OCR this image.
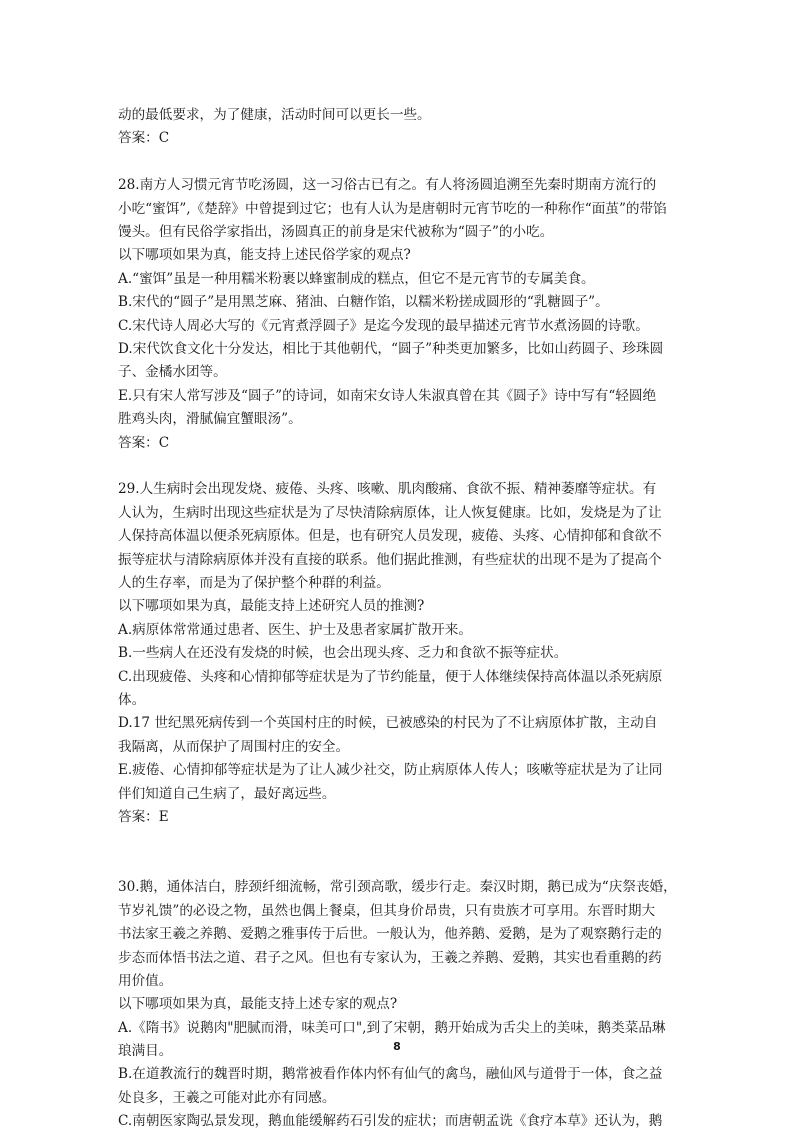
动的最低要求，为了健康，活动时间可以更长一些。
答案：C
28.南方人习惯元宵节吃汤圆，这一习俗古已有之。有人将汤圆追溯至先秦时期南方流行的
小吃“蜜饵”,《楚辞》中曾提到过它；也有人认为是唐朝时元宵节吃的一种称作“面茧”的带馅
馒头。但有民俗学家指出，汤圆真正的前身是宋代被称为“圆子”的小吃。
以下哪项如果为真，能支持上述民俗学家的观点?
A.“蜜饵”虽是一种用糯米粉裹以蜂蜜制成的糕点，但它不是元宵节的专属美食。
B.宋代的“圆子”是用黑芝麻、猪油、白糖作馅，以糯米粉搓成圆形的“乳糖圆子”。
C.宋代诗人周必大写的《元宵煮浮圆子》是迄今发现的最早描述元宵节水煮汤圆的诗歌。
D.宋代饮食文化十分发达，相比于其他朝代，“圆子”种类更加繁多，比如山药圆子、珍珠圆
子、金橘水团等。
E.只有宋人常写涉及“圆子”的诗词，如南宋女诗人朱淑真曾在其《圆子》诗中写有“轻圆绝
胜鸡头肉，滑腻偏宜蟹眼汤”。
答案：C
29.人生病时会出现发烧、疲倦、头疼、咳嗽、肌肉酸痛、食欲不振、精神萎靡等症状。有
人认为，生病时出现这些症状是为了尽快清除病原体，让人恢复健康。比如，发烧是为了让
人保持高体温以便杀死病原体。但是，也有研究人员发现，疲倦、头疼、心情抑郁和食欲不
振等症状与清除病原体并没有直接的联系。他们据此推测，有些症状的出现不是为了提高个
人的生存率，而是为了保护整个种群的利益。
以下哪项如果为真，最能支持上述研究人员的推测?
A.病原体常常通过患者、医生、护士及患者家属扩散开来。
B.一些病人在还没有发烧的时候，也会出现头疼、乏力和食欲不振等症状。
C.出现疲倦、头疼和心情抑郁等症状是为了节约能量，便于人体继续保持高体温以杀死病原
体。
D.17 世纪黑死病传到一个英国村庄的时候，已被感染的村民为了不让病原体扩散，主动自
我隔离，从而保护了周围村庄的安全。
E.疲倦、心情抑郁等症状是为了让人减少社交，防止病原体人传人；咳嗽等症状是为了让同
伴们知道自己生病了，最好离远些。
答案：E
30.鹅，通体洁白，脖颈纤细流畅，常引颈高歌，缓步行走。秦汉时期，鹅已成为“庆祭丧婚，
节岁礼馈”的必设之物，虽然也偶上餐桌，但其身价昂贵，只有贵族才可享用。东晋时期大
书法家王羲之养鹅、爱鹅之雅事传于后世。一般认为，他养鹅、爱鹅，是为了观察鹅行走的
步态而体悟书法之道、君子之风。但也有专家认为，王羲之养鹅、爱鹅，其实也看重鹅的药
用价值。
以下哪项如果为真，最能支持上述专家的观点?
A.《隋书》说鹅肉"肥腻而滑，味美可口",到了宋朝，鹅开始成为舌尖上的美味，鹅类菜品琳
琅满目。
B.在道教流行的魏晋时期，鹅常被看作体内怀有仙气的禽鸟，融仙风与道骨于一体，食之益
处良多，王羲之可能对此亦有同感。
C.南朝医家陶弘景发现，鹅血能缓解药石引发的症状；而唐朝孟诜《食疗本草》还认为，鹅
8
